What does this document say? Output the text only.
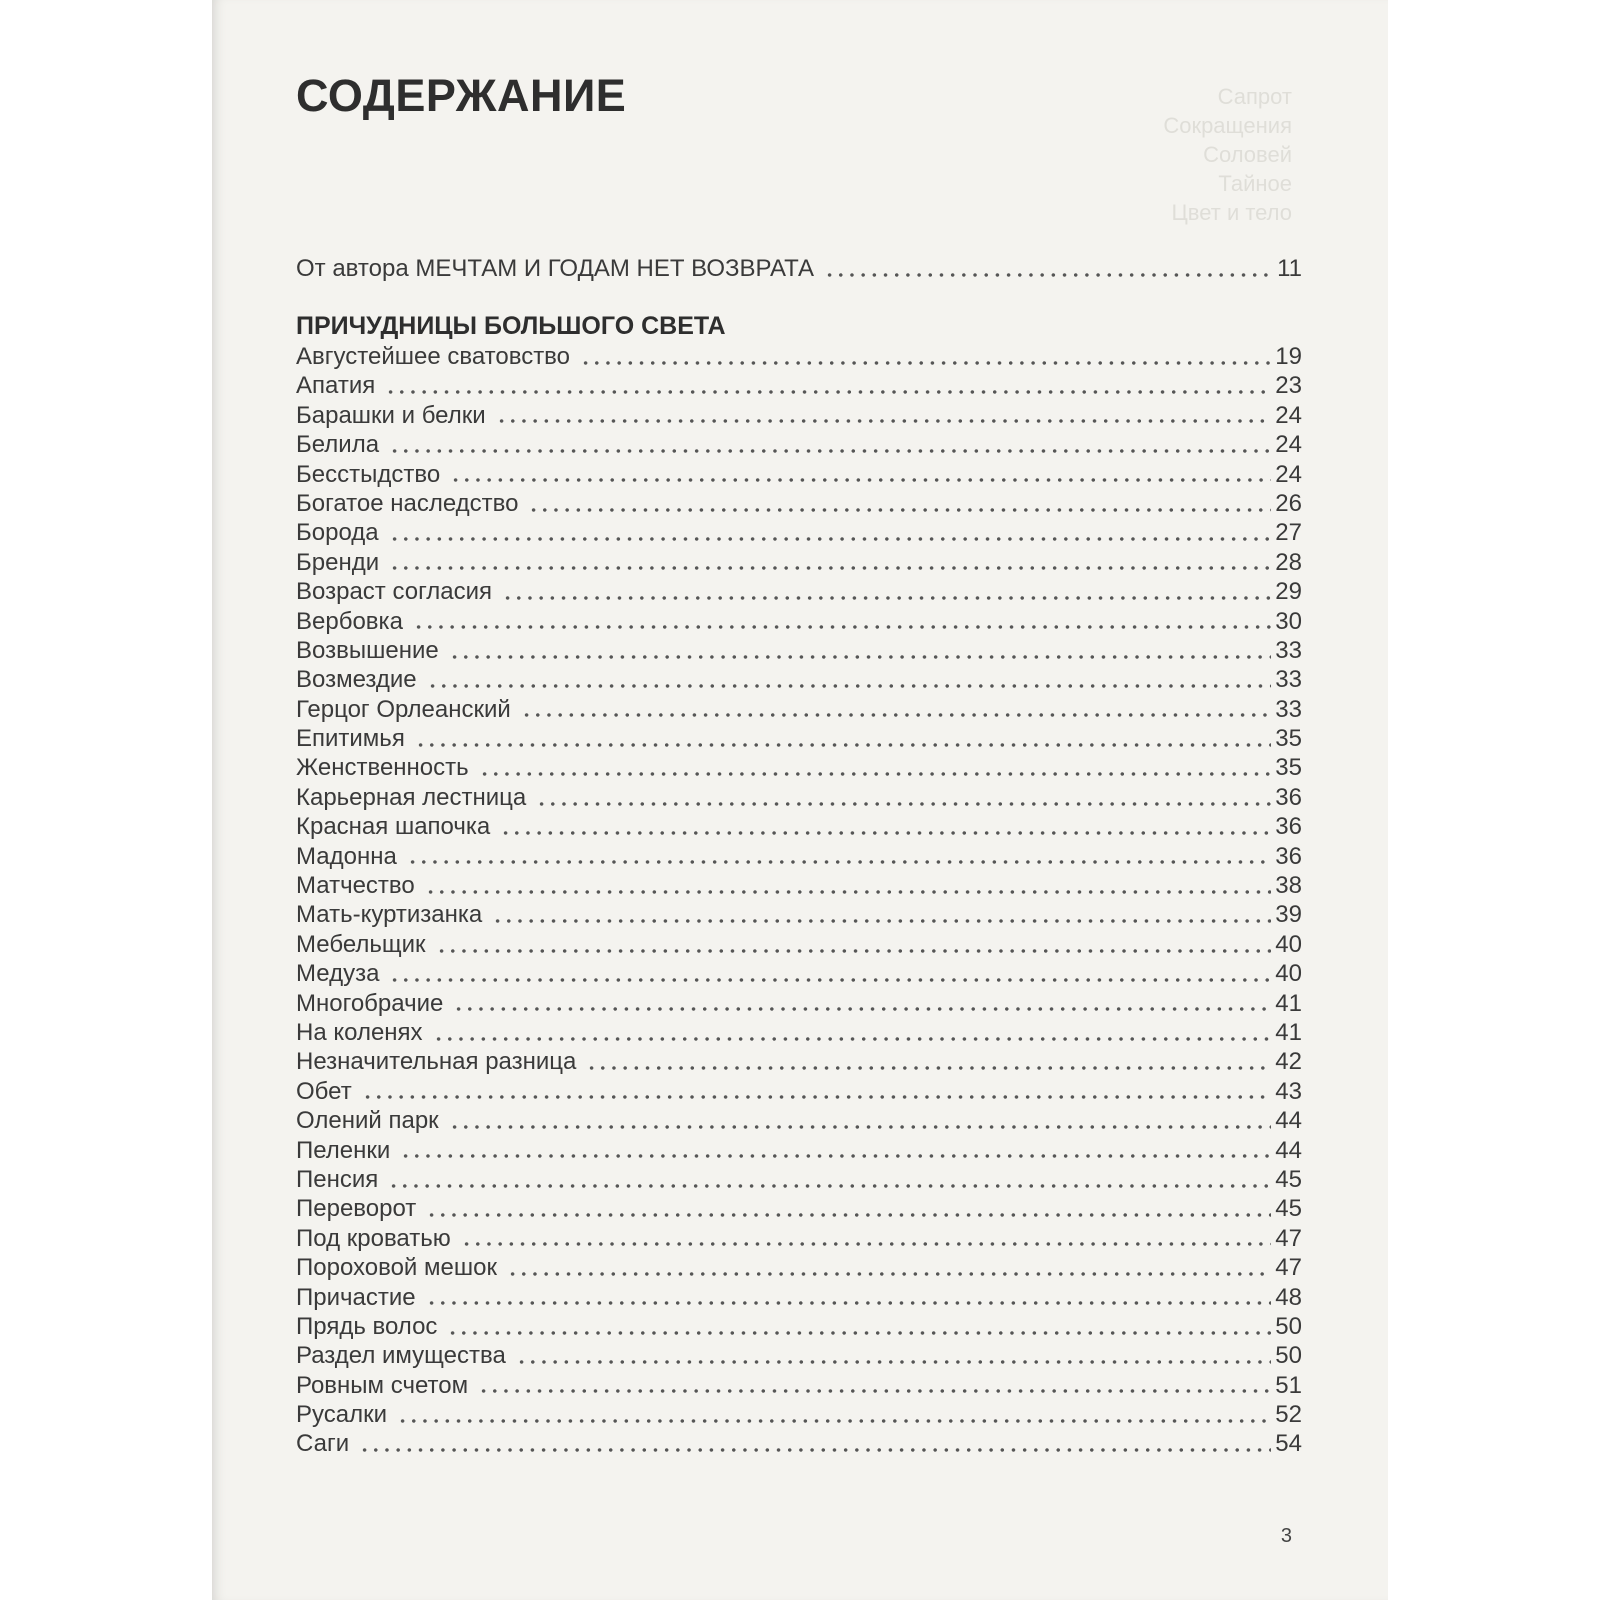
Сапрот
Сокращения
Соловей
Тайное
Цвет и тело
СОДЕРЖАНИЕ
От автора МЕЧТАМ И ГОДАМ НЕТ ВОЗВРАТА	11
ПРИЧУДНИЦЫ БОЛЬШОГО СВЕТА
Августейшее сватовство	19
Апатия	23
Барашки и белки	24
Белила	24
Бесстыдство	24
Богатое наследство	26
Борода	27
Бренди	28
Возраст согласия	29
Вербовка	30
Возвышение	33
Возмездие	33
Герцог Орлеанский	33
Епитимья	35
Женственность	35
Карьерная лестница	36
Красная шапочка	36
Мадонна	36
Матчество	38
Мать-куртизанка	39
Мебельщик	40
Медуза	40
Многобрачие	41
На коленях	41
Незначительная разница	42
Обет	43
Олений парк	44
Пеленки	44
Пенсия	45
Переворот	45
Под кроватью	47
Пороховой мешок	47
Причастие	48
Прядь волос	50
Раздел имущества	50
Ровным счетом	51
Русалки	52
Саги	54
3
